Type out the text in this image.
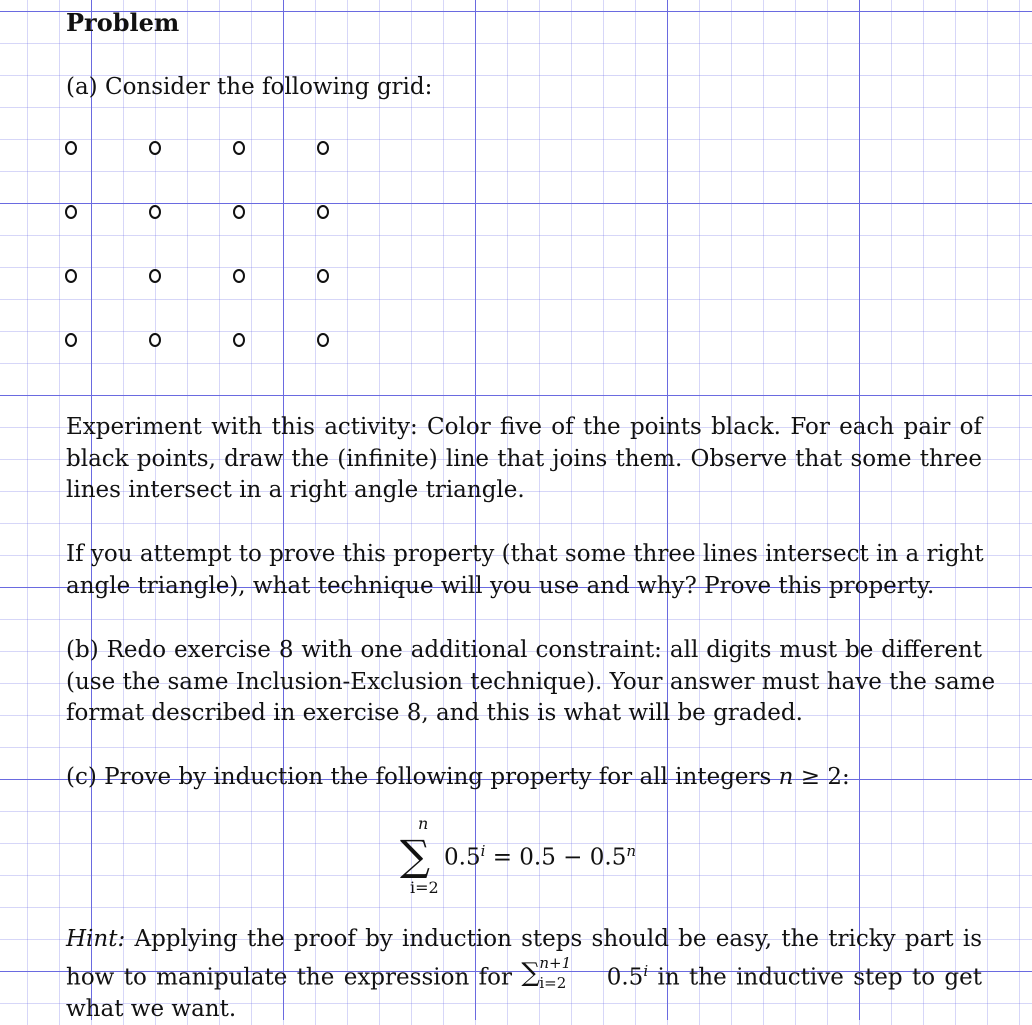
Problem
(a) Consider the following grid:
Experiment with this activity: Color five of the points black. For each pair of
black points, draw the (infinite) line that joins them. Observe that some three
lines intersect in a right angle triangle.
If you attempt to prove this property (that some three lines intersect in a right
angle triangle), what technique will you use and why? Prove this property.
(b) Redo exercise 8 with one additional constraint: all digits must be different
(use the same Inclusion-Exclusion technique). Your answer must have the same
format described in exercise 8, and this is what will be graded.
(c) Prove by induction the following property for all integers n ≥ 2:
n
∑
i=2
$0.5^i = 0.5 - 0.5^n$
Hint: Applying the proof by induction steps should be easy, the tricky part is
how to manipulate the expression for ∑ n+1
i=2 0.5$^i$ in the inductive step to get
what we want.
